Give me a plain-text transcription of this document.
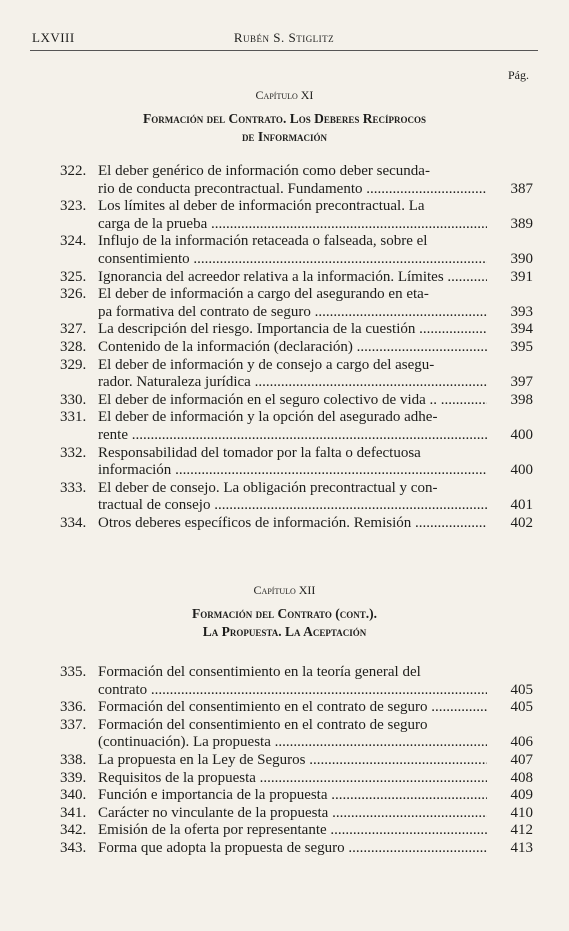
LXVIII	Rubén S. Stiglitz
Pág.
Capítulo XI
Formación del Contrato. Los Deberes Recíprocos
de Información
322. El deber genérico de información como deber secunda-
rio de conducta precontractual. Fundamento .....	387
323. Los límites al deber de información precontractual. La
carga de la prueba .....	389
324. Influjo de la información retaceada o falseada, sobre el
consentimiento .....	390
325. Ignorancia del acreedor relativa a la información. Límites .....	391
326. El deber de información a cargo del asegurando en eta-
pa formativa del contrato de seguro .....	393
327. La descripción del riesgo. Importancia de la cuestión .....	394
328. Contenido de la información (declaración) .....	395
329. El deber de información y de consejo a cargo del asegu-
rador. Naturaleza jurídica .....	397
330. El deber de información en el seguro colectivo de vida .. .....	398
331. El deber de información y la opción del asegurado adhe-
rente .....	400
332. Responsabilidad del tomador por la falta o defectuosa
información .....	400
333. El deber de consejo. La obligación precontractual y con-
tractual de consejo .....	401
334. Otros deberes específicos de información. Remisión .....	402
Capítulo XII
Formación del Contrato (cont.).
La Propuesta. La Aceptación
335. Formación del consentimiento en la teoría general del
contrato .....	405
336. Formación del consentimiento en el contrato de seguro .....	405
337. Formación del consentimiento en el contrato de seguro
(continuación). La propuesta .....	406
338. La propuesta en la Ley de Seguros .....	407
339. Requisitos de la propuesta .....	408
340. Función e importancia de la propuesta .....	409
341. Carácter no vinculante de la propuesta .....	410
342. Emisión de la oferta por representante .....	412
343. Forma que adopta la propuesta de seguro .....	413
